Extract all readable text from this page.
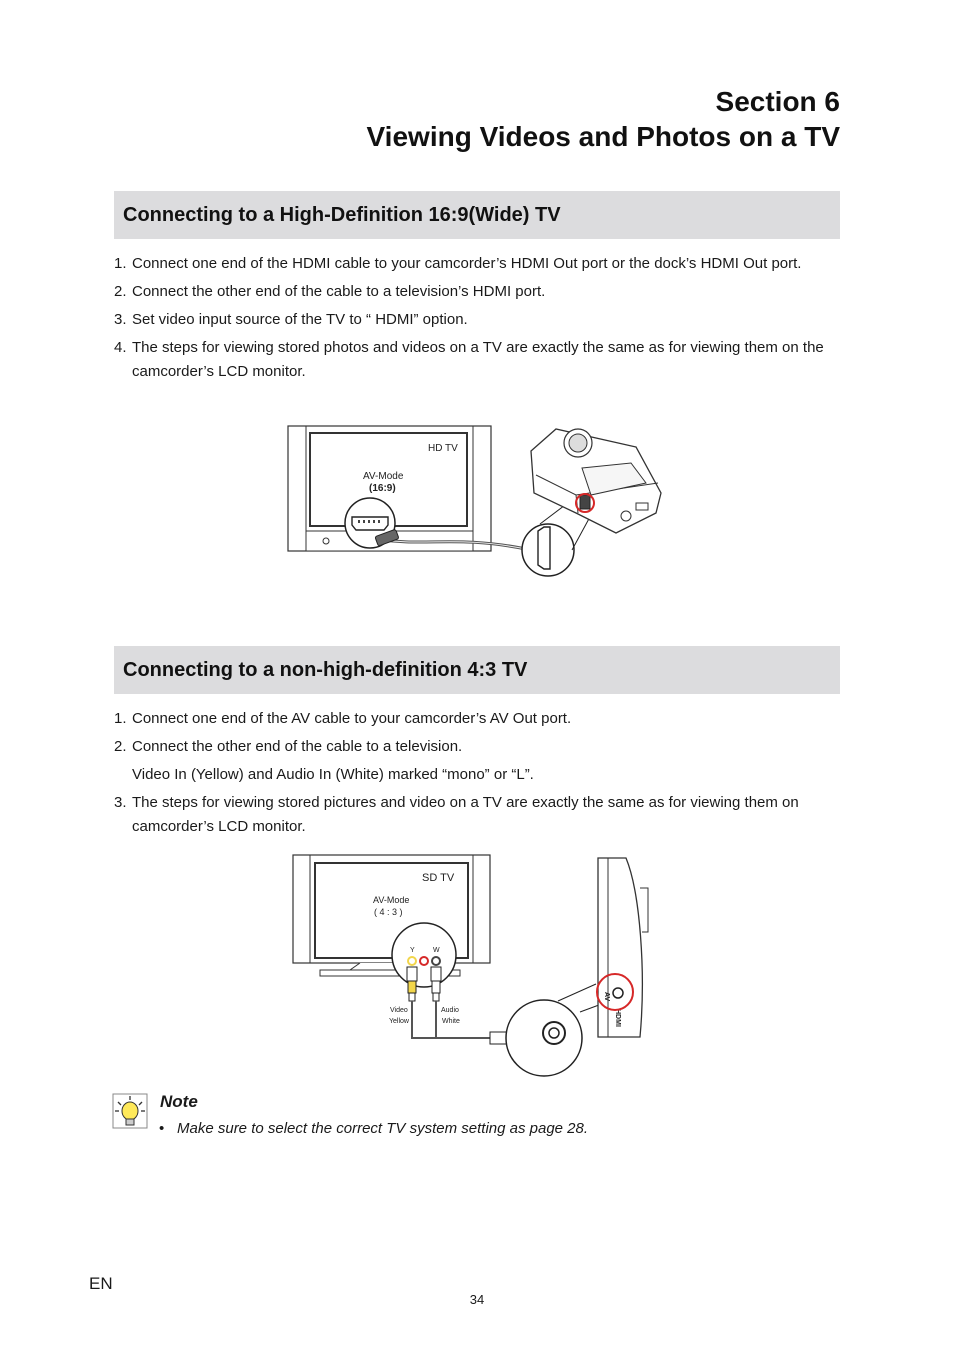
Section 6
Viewing Videos and Photos on a TV
Connecting to a High-Definition 16:9(Wide) TV
1. Connect one end of the HDMI cable to your camcorder’s HDMI Out port or the dock’s HDMI Out port.
2. Connect the other end of the cable to a television’s HDMI port.
3. Set video input source of the TV to “ HDMI” option.
4. The steps for viewing stored photos and videos on a TV are exactly the same as for viewing them on the camcorder’s LCD monitor.
HD TV
AV-Mode
(16:9)
Connecting to a non-high-definition 4:3 TV
1. Connect one end of the AV cable to your camcorder’s AV Out port.
2. Connect the other end of the cable to a television.
Video In (Yellow) and Audio In (White) marked “mono” or “L”.
3. The steps for viewing stored pictures and video on a TV are exactly the same as for viewing them on camcorder’s LCD monitor.
SD TV
AV-Mode
( 4 : 3 )
Y	W
Video
Yellow
Audio
White
AV
HDMI
Note
• Make sure to select the correct TV system setting as page 28.
EN
34
